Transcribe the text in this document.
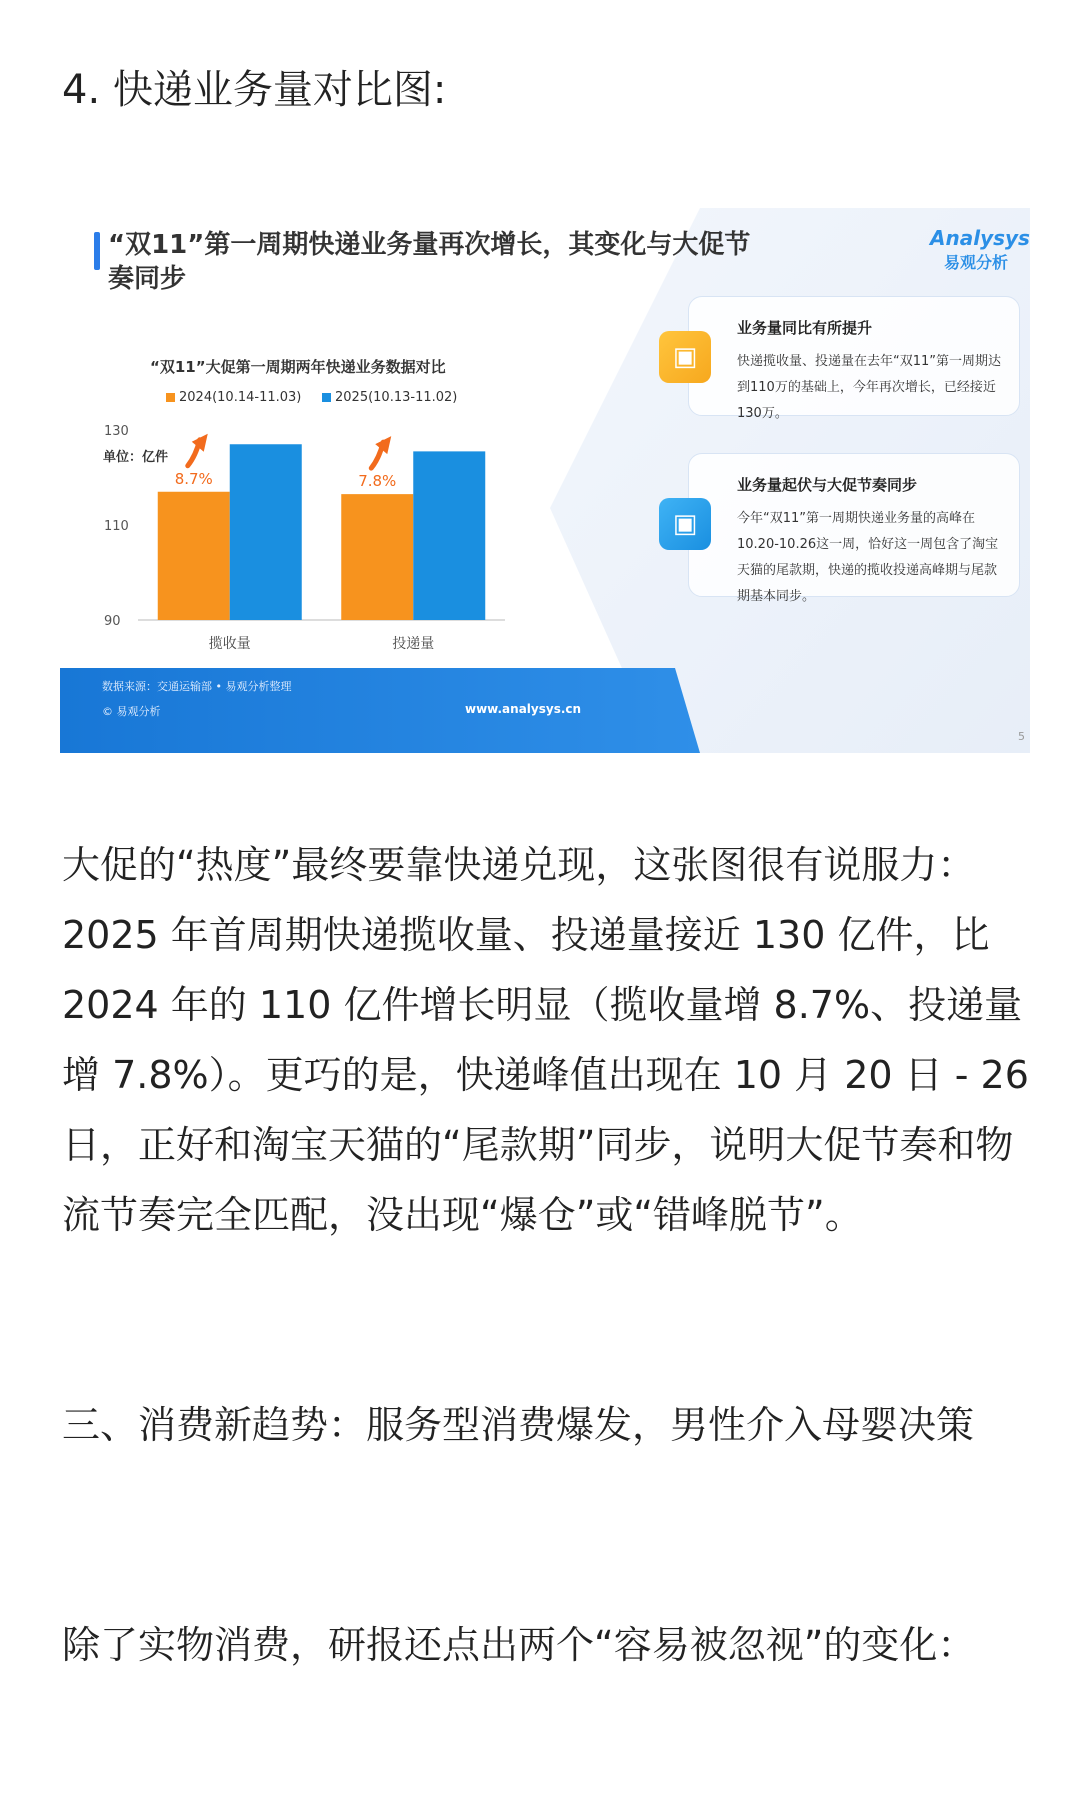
4. 快递业务量对比图:
“双11”第一周期快递业务量再次增长，其变化与大促节奏同步
Analysys
易观分析
“双11”大促第一周期两年快递业务数据对比
2024(10.14-11.03)	2025(10.13-11.02)
单位：亿件
130
110
90
8.7%
揽收量
7.8%
投递量
▣
业务量同比有所提升
快递揽收量、投递量在去年“双11”第一周期达到110万的基础上，今年再次增长，已经接近130万。
▣
业务量起伏与大促节奏同步
今年“双11”第一周期快递业务量的高峰在10.20-10.26这一周，恰好这一周包含了淘宝天猫的尾款期，快递的揽收投递高峰期与尾款期基本同步。
数据来源：交通运输部 • 易观分析整理
© 易观分析	www.analysys.cn
5
大促的“热度”最终要靠快递兑现，这张图很有说服力：2025 年首周期快递揽收量、投递量接近 130 亿件，比 2024 年的 110 亿件增长明显（揽收量增 8.7%、投递量增 7.8%）。更巧的是，快递峰值出现在 10 月 20 日 - 26 日，正好和淘宝天猫的“尾款期”同步，说明大促节奏和物流节奏完全匹配，没出现“爆仓”或“错峰脱节”。
三、消费新趋势：服务型消费爆发，男性介入母婴决策
除了实物消费，研报还点出两个“容易被忽视”的变化：
